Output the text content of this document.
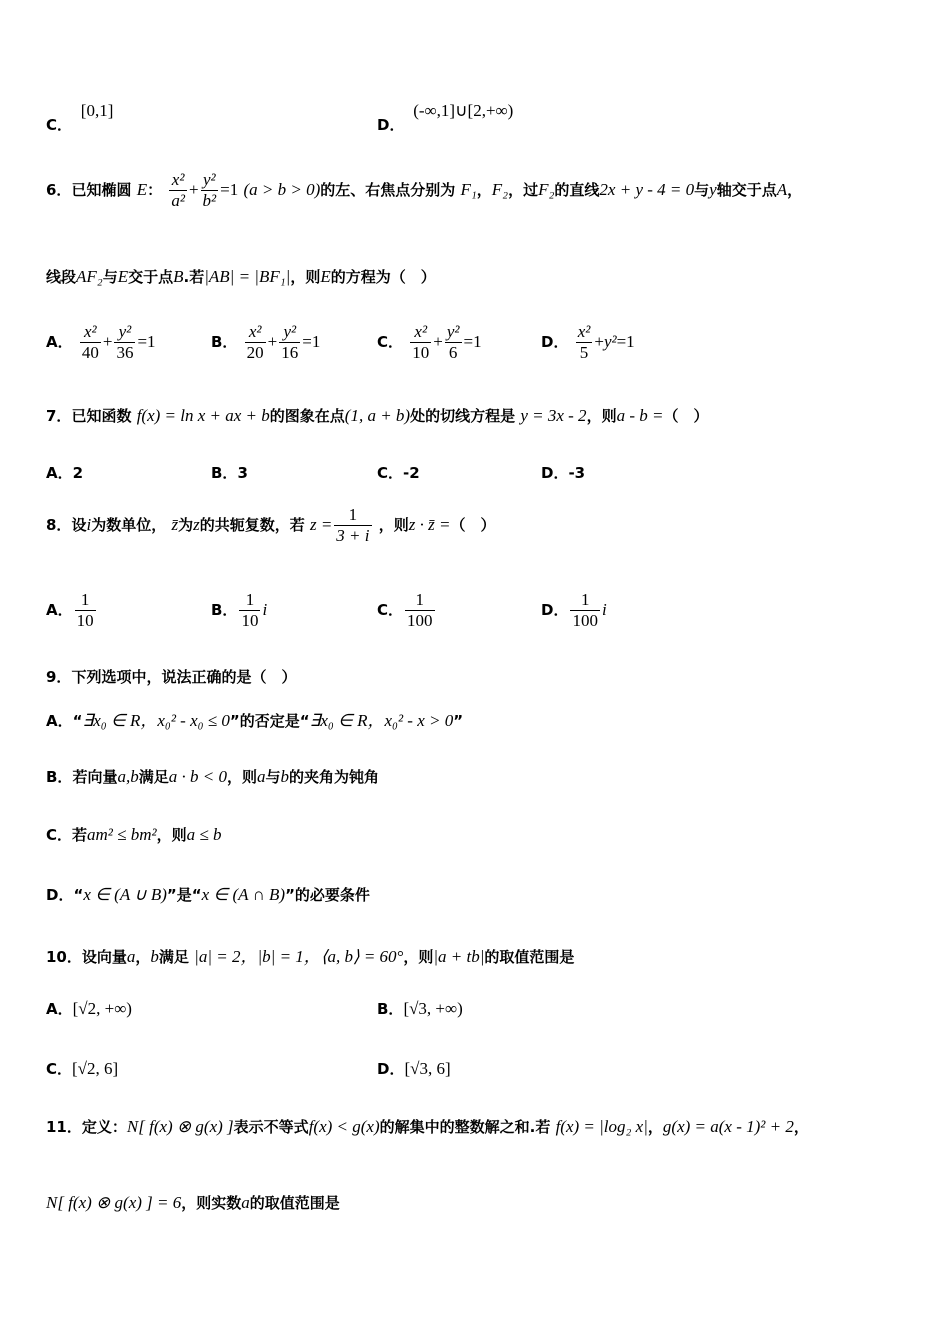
C． [0,1]
D． (-∞,1]∪[2,+∞)
6．已知椭圆 E： $\frac{\text{x²}}{\text{a²}} + \frac{\text{y²}}{\text{b²}} =1$ (a > b > 0)的左、右焦点分别为 F₁，F₂，过F₂的直线2x + y - 4 = 0与y轴交于点A，
线段AF₂与E交于点B.若|AB| = |BF₁|，则E的方程为（　）
A． $\frac{\text{x²}}{40} + \frac{\text{y²}}{36} =1$	B． $\frac{\text{x²}}{20} + \frac{\text{y²}}{16} =1$	C． $\frac{\text{x²}}{10} + \frac{\text{y²}}{6} =1$	D． $\frac{\text{x²}}{5} +y^2=1$
7．已知函数 f(x) = ln x + ax + b的图象在点(1, a + b)处的切线方程是 y = 3x - 2，则a - b =（　）
A．2	B．3	C．-2	D．-3
8．设i为数单位， z̄为z的共轭复数，若 $z = \frac{1}{3 + i}$ ，则z · z̄ =（　）
A． $\frac{1}{10}$	B． $\frac{1}{10}$ i	C． $\frac{1}{100}$	D． $\frac{1}{100}$ i
9．下列选项中，说法正确的是（　）
A．“∃x₀ ∈ R，x₀² - x₀ ≤ 0”的否定是“∃x₀ ∈ R，x₀² - x > 0”
B．若向量a,b满足a · b < 0，则a与b的夹角为钝角
C．若am² ≤ bm²，则a ≤ b
D．“x ∈ (A ∪ B)”是“x ∈ (A ∩ B)”的必要条件
10．设向量a，b满足 |a| = 2，|b| = 1，⟨a, b⟩ = 60°，则|a + tb|的取值范围是
A．[√2, +∞)	B．[√3, +∞)
C．[√2, 6]	D．[√3, 6]
11．定义：N[ f(x) ⊗ g(x) ]表示不等式f(x) < g(x)的解集中的整数解之和.若 f(x) = |log₂ x|，g(x) = a(x - 1)² + 2，
N[ f(x) ⊗ g(x) ] = 6，则实数a的取值范围是
